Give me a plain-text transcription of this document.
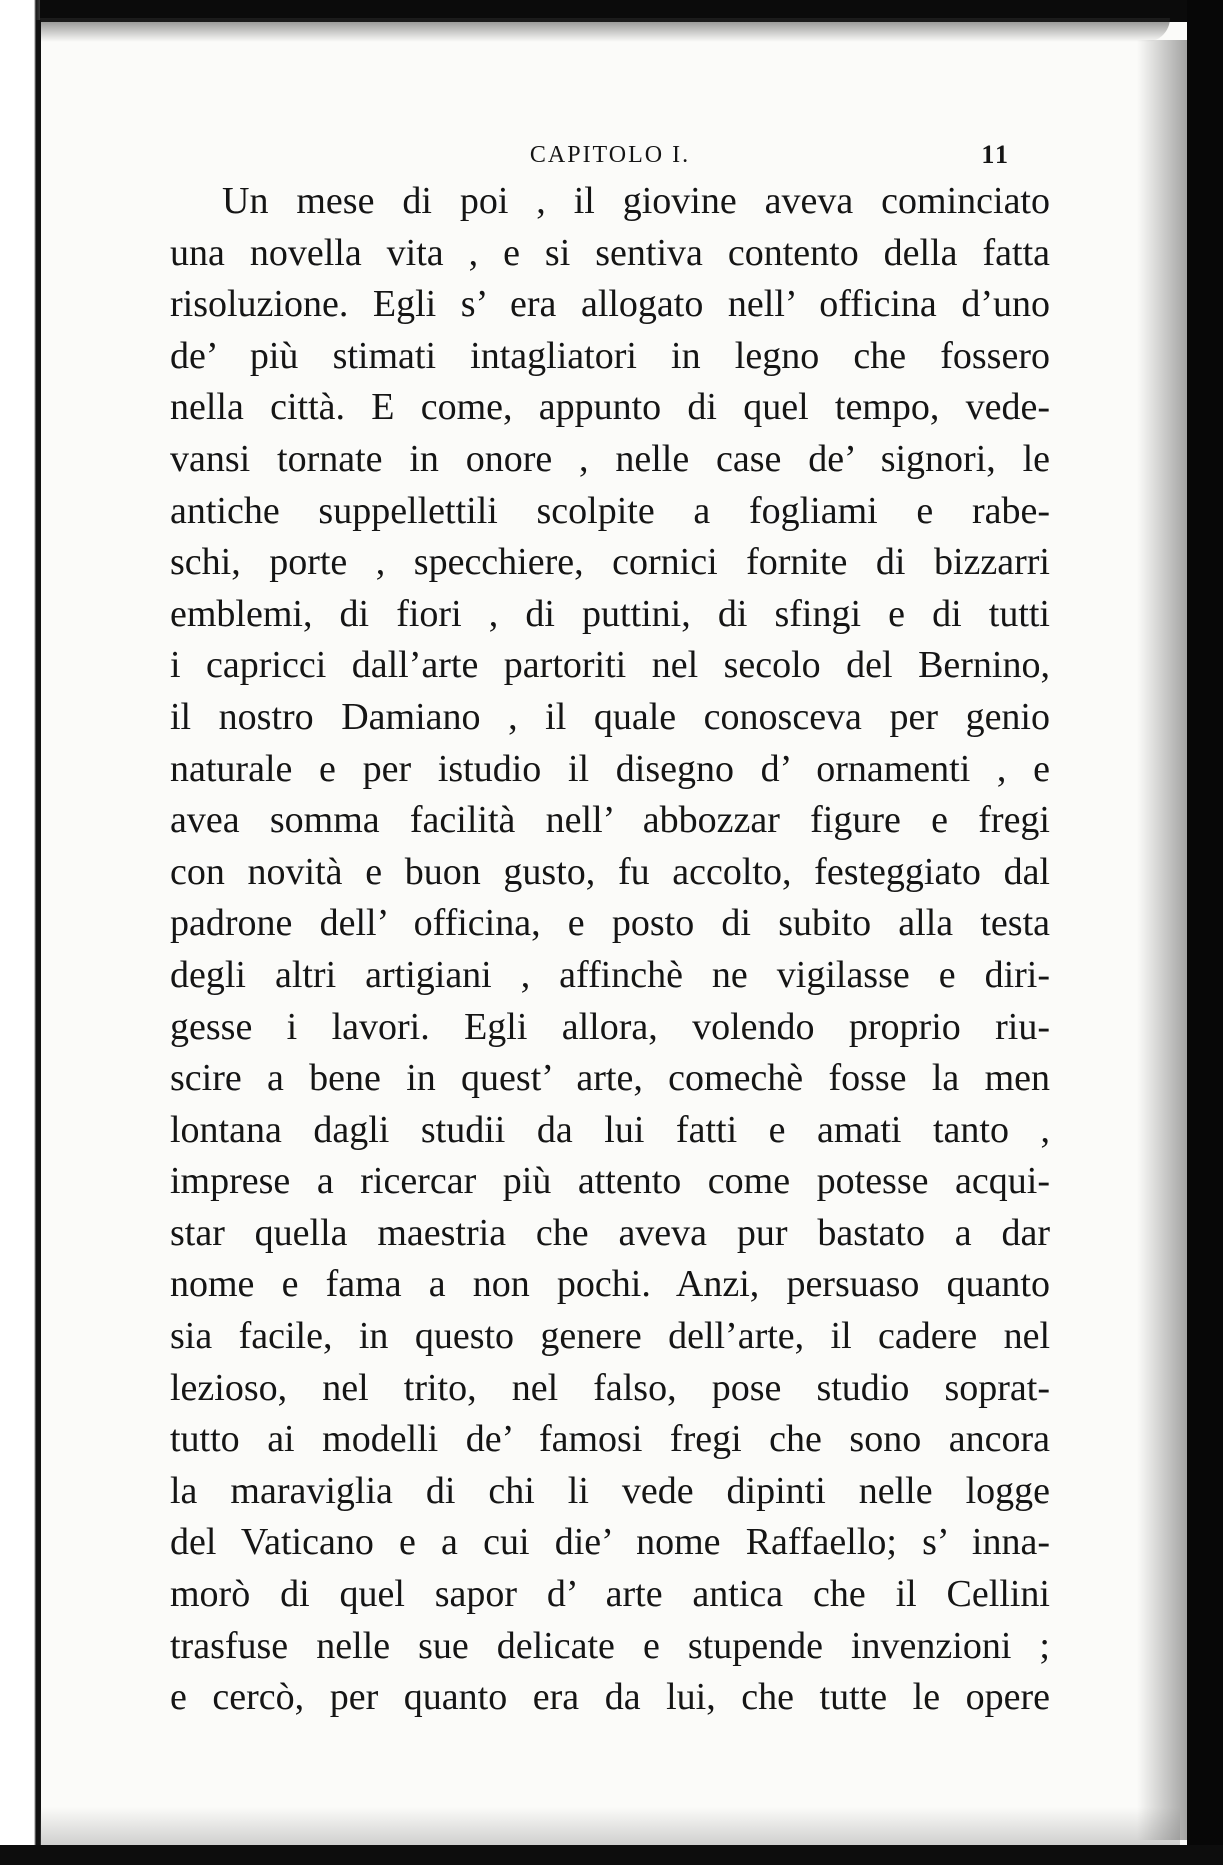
CAPITOLO I.	11
Un mese di poi , il giovine aveva cominciato
una novella vita , e si sentiva contento della fatta
risoluzione. Egli s’ era allogato nell’ officina d’uno
de’ più stimati intagliatori in legno che fossero
nella città. E come, appunto di quel tempo, vede-
vansi tornate in onore , nelle case de’ signori, le
antiche suppellettili scolpite a fogliami e rabe-
schi, porte , specchiere, cornici fornite di bizzarri
emblemi, di fiori , di puttini, di sfingi e di tutti
i capricci dall’arte partoriti nel secolo del Bernino,
il nostro Damiano , il quale conosceva per genio
naturale e per istudio il disegno d’ ornamenti , e
avea somma facilità nell’ abbozzar figure e fregi
con novità e buon gusto, fu accolto, festeggiato dal
padrone dell’ officina, e posto di subito alla testa
degli altri artigiani , affinchè ne vigilasse e diri-
gesse i lavori. Egli allora, volendo proprio riu-
scire a bene in quest’ arte, comechè fosse la men
lontana dagli studii da lui fatti e amati tanto ,
imprese a ricercar più attento come potesse acqui-
star quella maestria che aveva pur bastato a dar
nome e fama a non pochi. Anzi, persuaso quanto
sia facile, in questo genere dell’arte, il cadere nel
lezioso, nel trito, nel falso, pose studio soprat-
tutto ai modelli de’ famosi fregi che sono ancora
la maraviglia di chi li vede dipinti nelle logge
del Vaticano e a cui die’ nome Raffaello; s’ inna-
morò di quel sapor d’ arte antica che il Cellini
trasfuse nelle sue delicate e stupende invenzioni ;
e cercò, per quanto era da lui, che tutte le opere
